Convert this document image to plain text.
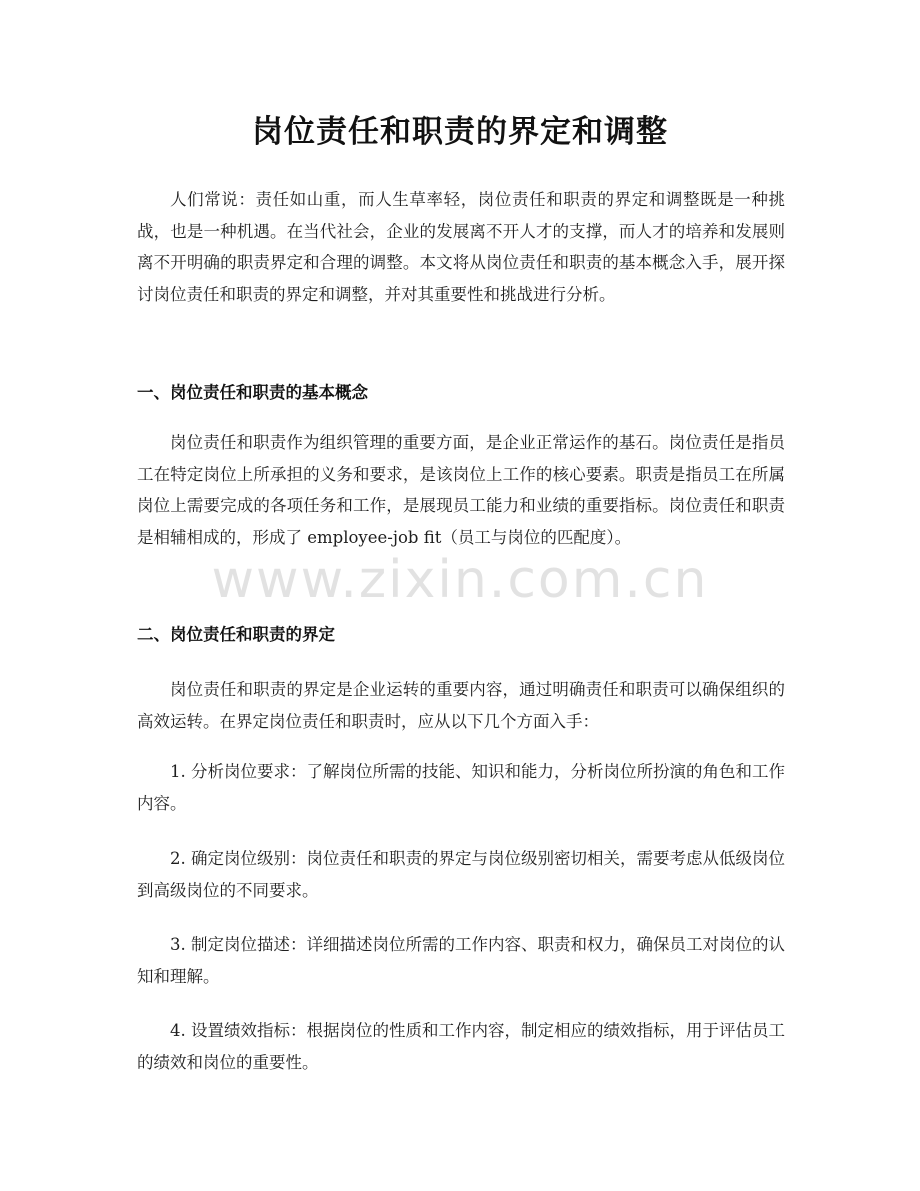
岗位责任和职责的界定和调整

人们常说：责任如山重，而人生草率轻，岗位责任和职责的界定和调整既是一种挑战，也是一种机遇。在当代社会，企业的发展离不开人才的支撑，而人才的培养和发展则离不开明确的职责界定和合理的调整。本文将从岗位责任和职责的基本概念入手，展开探讨岗位责任和职责的界定和调整，并对其重要性和挑战进行分析。

一、岗位责任和职责的基本概念

岗位责任和职责作为组织管理的重要方面，是企业正常运作的基石。岗位责任是指员工在特定岗位上所承担的义务和要求，是该岗位上工作的核心要素。职责是指员工在所属岗位上需要完成的各项任务和工作，是展现员工能力和业绩的重要指标。岗位责任和职责是相辅相成的，形成了 employee-job fit（员工与岗位的匹配度）。

二、岗位责任和职责的界定

岗位责任和职责的界定是企业运转的重要内容，通过明确责任和职责可以确保组织的高效运转。在界定岗位责任和职责时，应从以下几个方面入手：

1. 分析岗位要求：了解岗位所需的技能、知识和能力，分析岗位所扮演的角色和工作内容。

2. 确定岗位级别：岗位责任和职责的界定与岗位级别密切相关，需要考虑从低级岗位到高级岗位的不同要求。

3. 制定岗位描述：详细描述岗位所需的工作内容、职责和权力，确保员工对岗位的认知和理解。

4. 设置绩效指标：根据岗位的性质和工作内容，制定相应的绩效指标，用于评估员工的绩效和岗位的重要性。

www.zixin.com.cn
